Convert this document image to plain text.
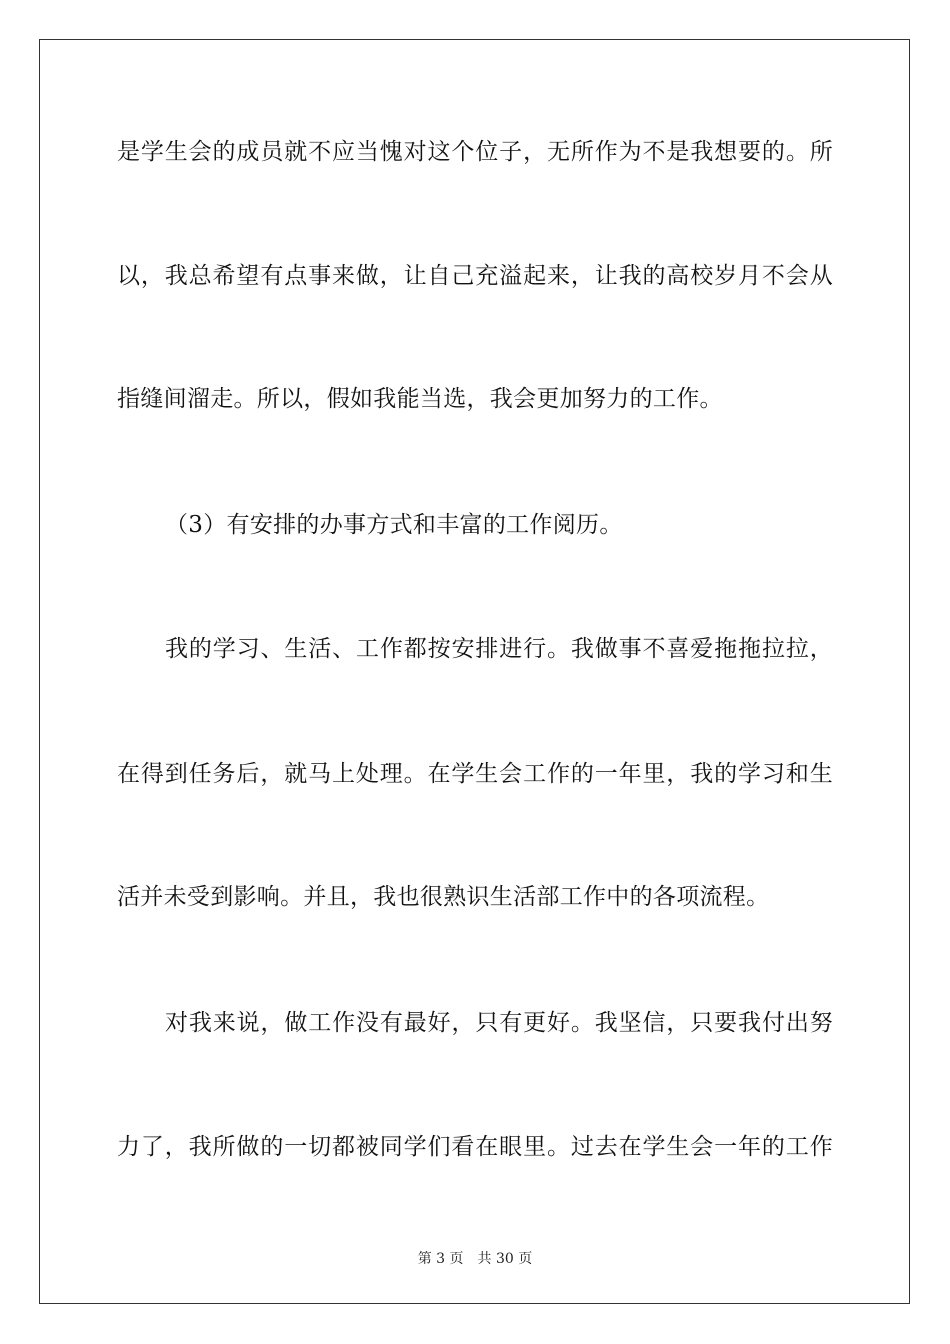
是学生会的成员就不应当愧对这个位子，无所作为不是我想要的。所
以，我总希望有点事来做，让自己充溢起来，让我的高校岁月不会从
指缝间溜走。所以，假如我能当选，我会更加努力的工作。
（3）有安排的办事方式和丰富的工作阅历。
我的学习、生活、工作都按安排进行。我做事不喜爱拖拖拉拉，
在得到任务后，就马上处理。在学生会工作的一年里，我的学习和生
活并未受到影响。并且，我也很熟识生活部工作中的各项流程。
对我来说，做工作没有最好，只有更好。我坚信，只要我付出努
力了，我所做的一切都被同学们看在眼里。过去在学生会一年的工作
第 3 页 共 30 页
